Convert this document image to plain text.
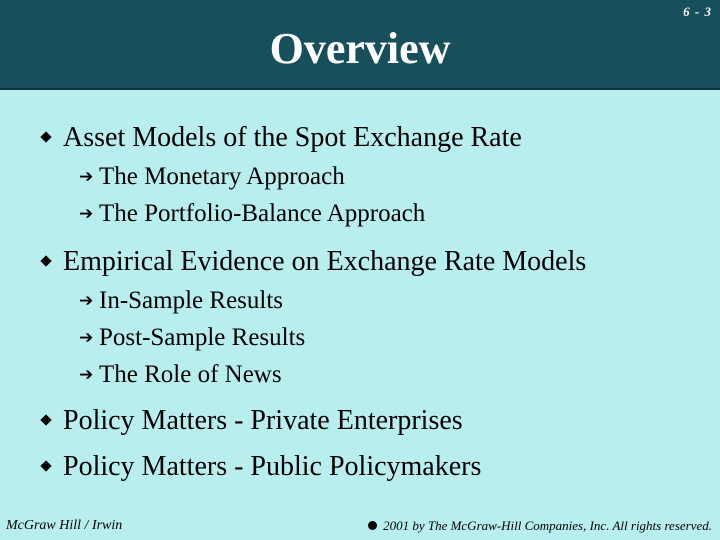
6 - 3
Overview
Asset Models of the Spot Exchange Rate
➔ The Monetary Approach
➔ The Portfolio-Balance Approach
Empirical Evidence on Exchange Rate Models
➔ In-Sample Results
➔ Post-Sample Results
➔ The Role of News
Policy Matters - Private Enterprises
Policy Matters - Public Policymakers
McGraw Hill / Irwin	2001 by The McGraw-Hill Companies, Inc. All rights reserved.
